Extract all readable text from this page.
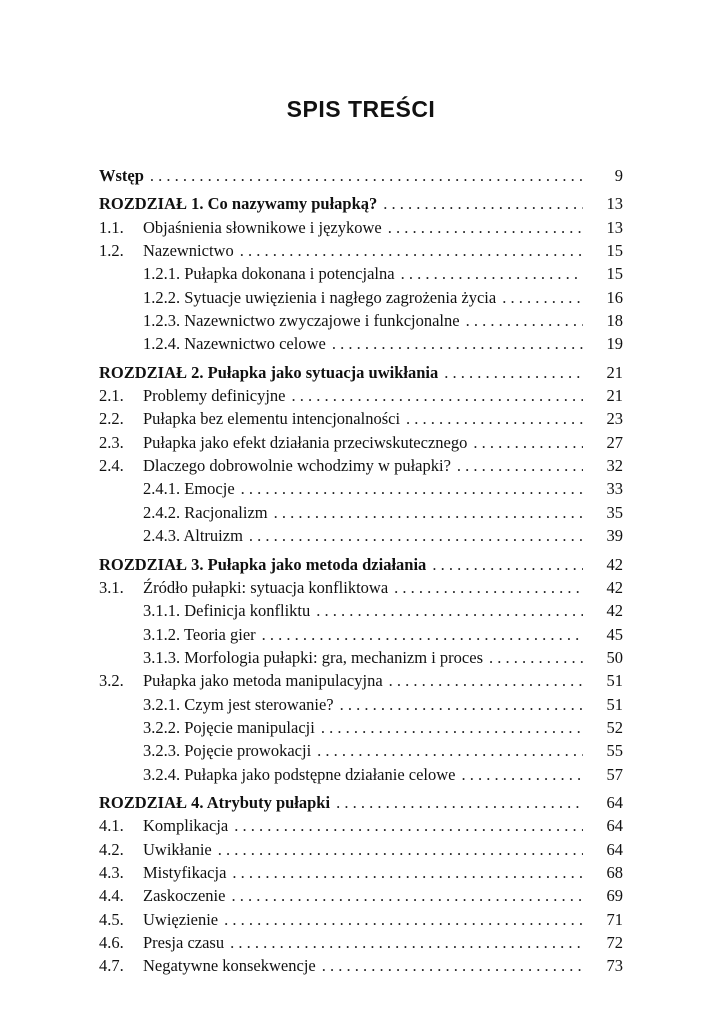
SPIS TREŚCI
Wstęp . . .	9
ROZDZIAŁ 1. Co nazywamy pułapką? . . .	13
1.1.	Objaśnienia słownikowe i językowe . . .	13
1.2.	Nazewnictwo . . .	15
1.2.1. Pułapka dokonana i potencjalna . . .	15
1.2.2. Sytuacje uwięzienia i nagłego zagrożenia życia . . .	16
1.2.3. Nazewnictwo zwyczajowe i funkcjonalne . . .	18
1.2.4. Nazewnictwo celowe . . .	19
ROZDZIAŁ 2. Pułapka jako sytuacja uwikłania . . .	21
2.1.	Problemy definicyjne . . .	21
2.2.	Pułapka bez elementu intencjonalności . . .	23
2.3.	Pułapka jako efekt działania przeciwskutecznego . . .	27
2.4.	Dlaczego dobrowolnie wchodzimy w pułapki? . . .	32
2.4.1. Emocje . . .	33
2.4.2. Racjonalizm . . .	35
2.4.3. Altruizm . . .	39
ROZDZIAŁ 3. Pułapka jako metoda działania . . .	42
3.1.	Źródło pułapki: sytuacja konfliktowa . . .	42
3.1.1. Definicja konfliktu . . .	42
3.1.2. Teoria gier . . .	45
3.1.3. Morfologia pułapki: gra, mechanizm i proces . . .	50
3.2.	Pułapka jako metoda manipulacyjna . . .	51
3.2.1. Czym jest sterowanie? . . .	51
3.2.2. Pojęcie manipulacji . . .	52
3.2.3. Pojęcie prowokacji . . .	55
3.2.4. Pułapka jako podstępne działanie celowe . . .	57
ROZDZIAŁ 4. Atrybuty pułapki . . .	64
4.1.	Komplikacja . . .	64
4.2.	Uwikłanie . . .	64
4.3.	Mistyfikacja . . .	68
4.4.	Zaskoczenie . . .	69
4.5.	Uwięzienie . . .	71
4.6.	Presja czasu . . .	72
4.7.	Negatywne konsekwencje . . .	73
